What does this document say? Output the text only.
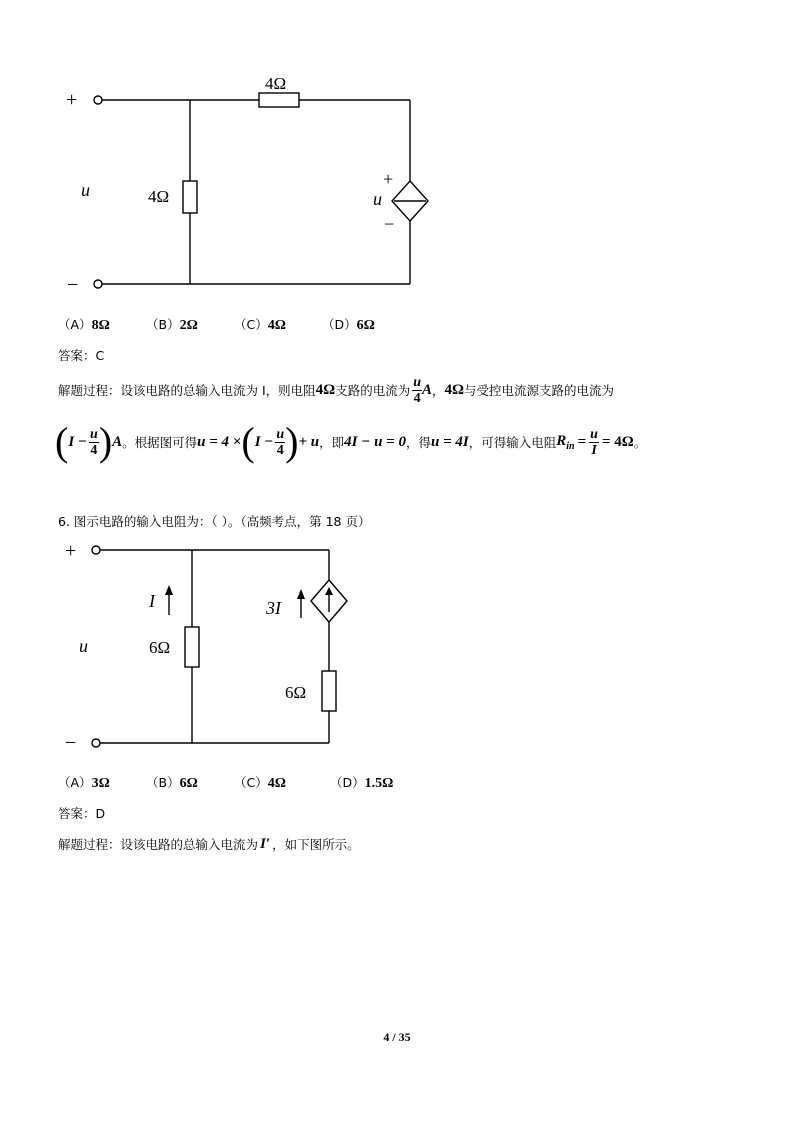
4Ω
4Ω
+
−
u
+
−
u
（A）8Ω	（B）2Ω	（C）4Ω	（D）6Ω
答案：C
解题过程：设该电路的总输入电流为 I，则电阻 4Ω 支路的电流为 $\frac{u}{4}$ A ， 4Ω 与受控电流源支路的电流为
( $I - \frac{u}{4}$ ) A 。根据图可得 u = 4 × ( $I - \frac{u}{4}$ ) + u ，即 4I − u = 0 ，得 u = 4I ，可得输入电阻 $R_{in} = \frac{u}{I} = 4\Omega$ 。
6. 图示电路的输入电阻为：（ ）。（高频考点，第 18 页）
+
−
u
I
6Ω
6Ω
3I
（A）3Ω	（B）6Ω	（C）4Ω	（D）1.5Ω
答案：D
解题过程：设该电路的总输入电流为 I′ ，如下图所示。
4 / 35
